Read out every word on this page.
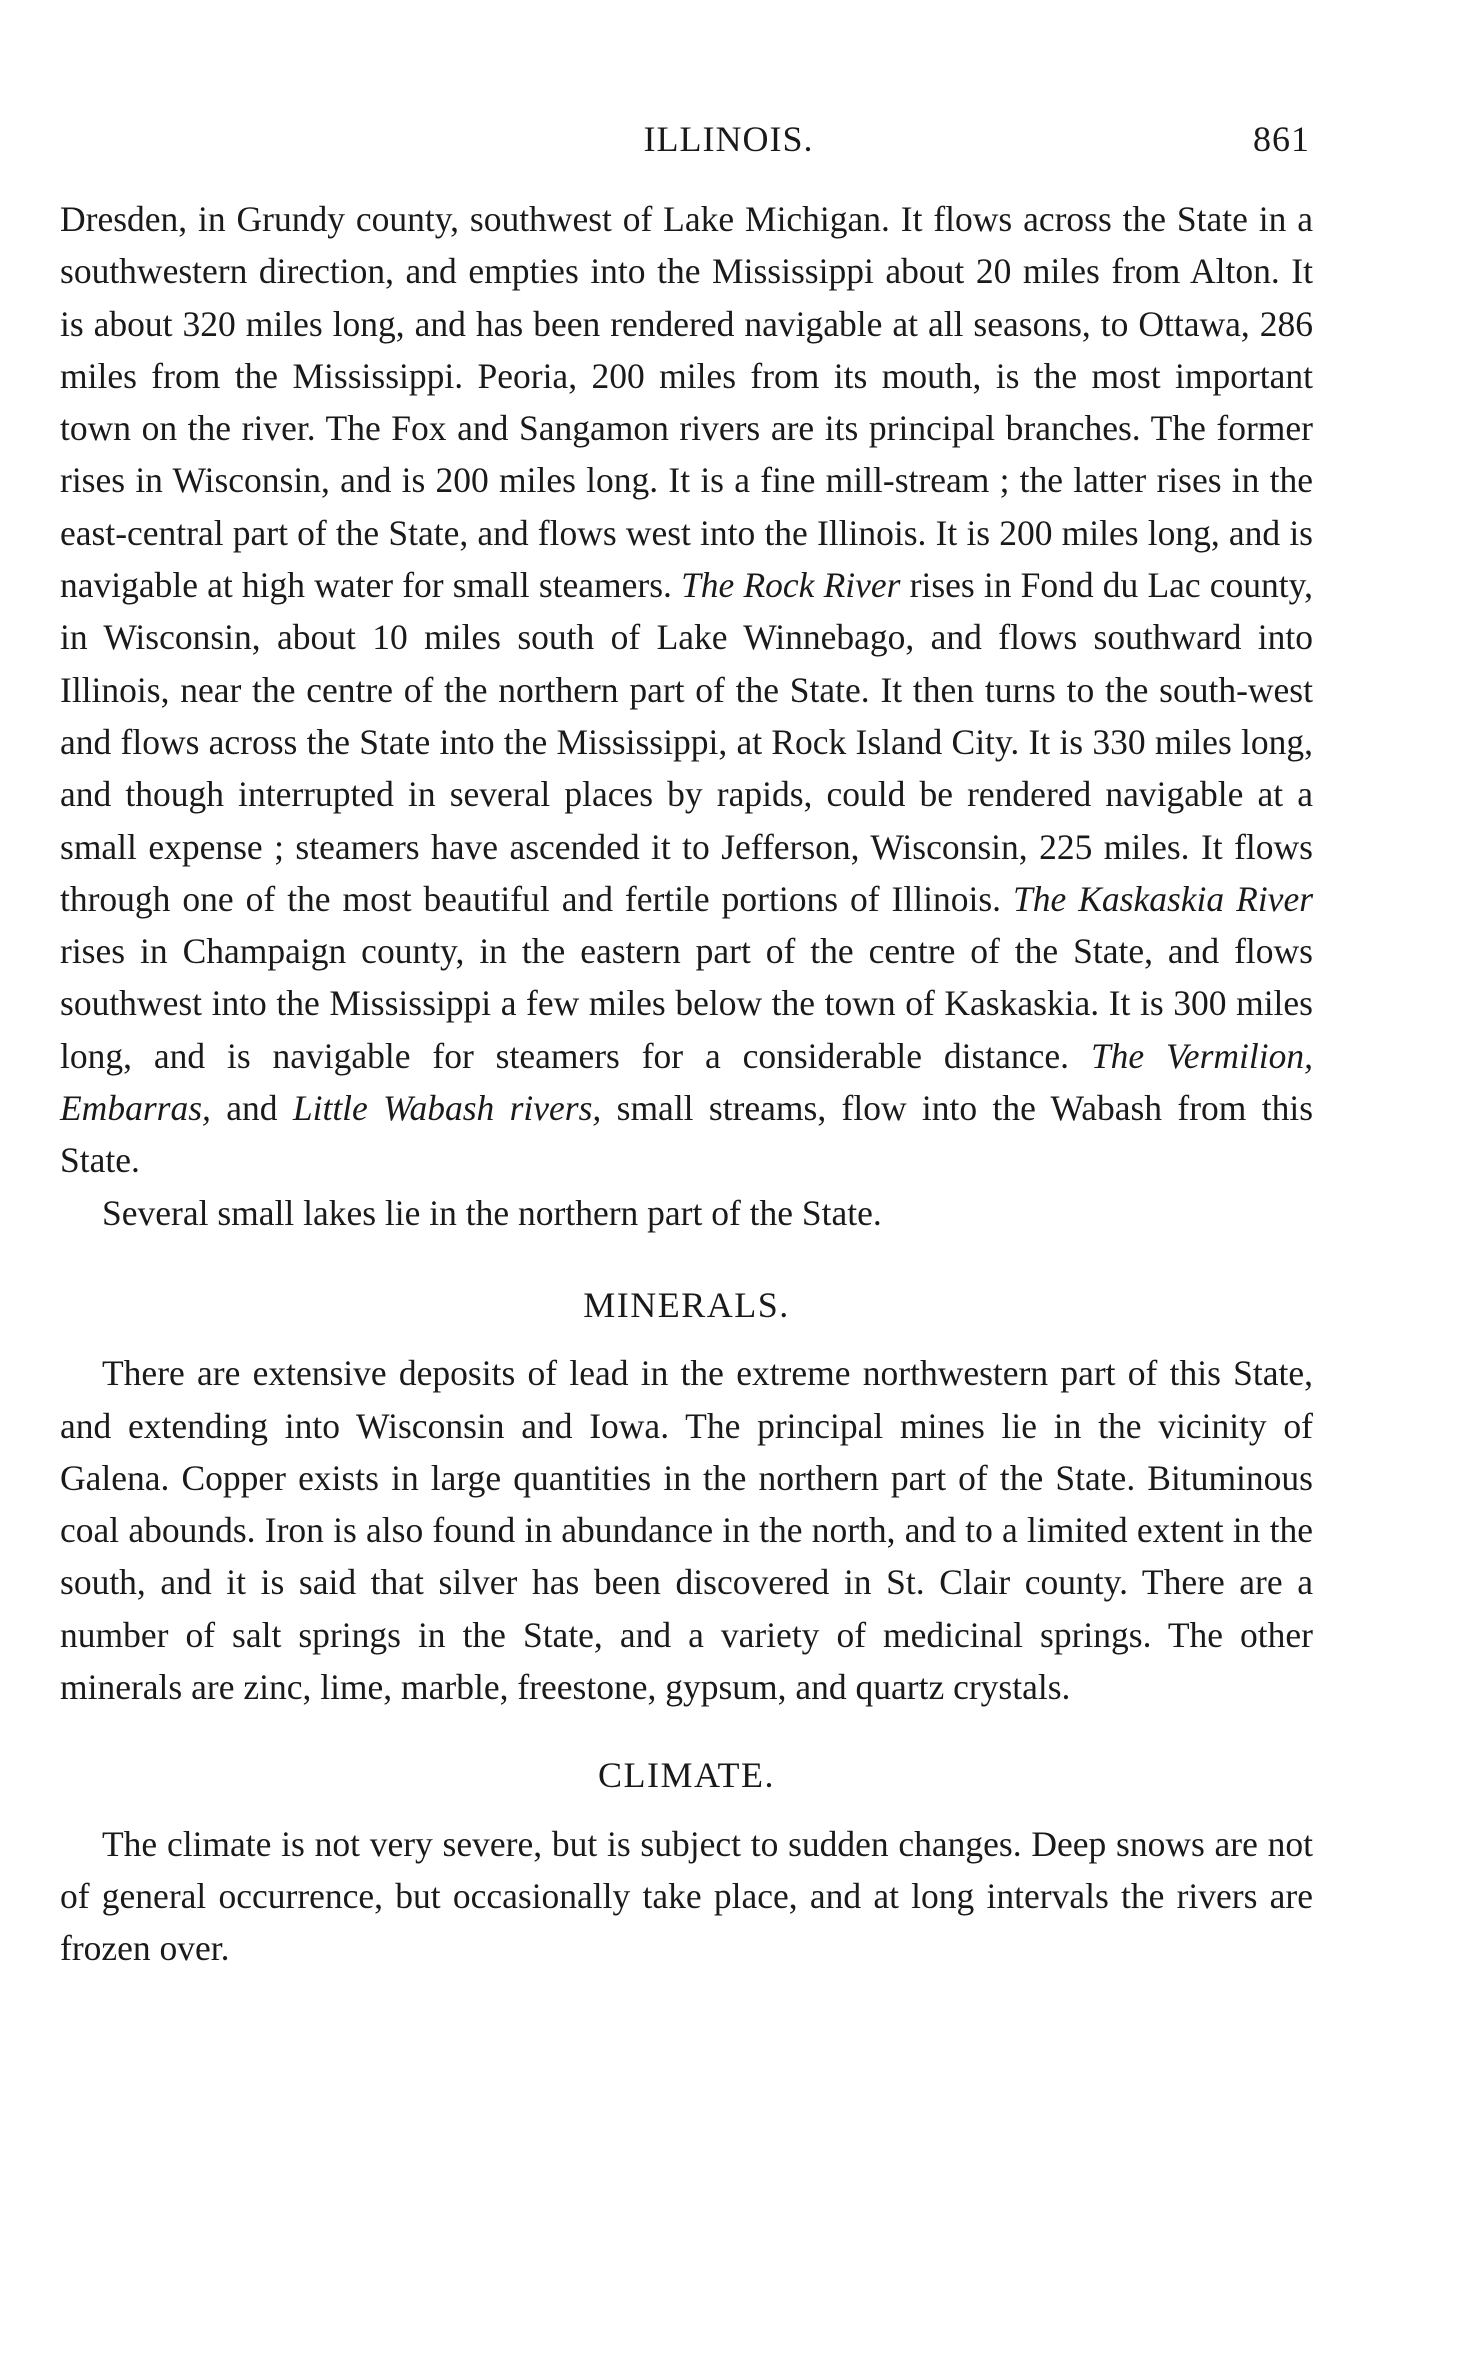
ILLINOIS.	861

Dresden, in Grundy county, southwest of Lake Michigan. It flows across the State in a southwestern direction, and empties into the Mississippi about 20 miles from Alton. It is about 320 miles long, and has been rendered navigable at all seasons, to Ottawa, 286 miles from the Mississippi. Peoria, 200 miles from its mouth, is the most important town on the river. The Fox and Sangamon rivers are its principal branches. The former rises in Wisconsin, and is 200 miles long. It is a fine mill-stream ; the latter rises in the east-central part of the State, and flows west into the Illinois. It is 200 miles long, and is navigable at high water for small steamers. The Rock River rises in Fond du Lac county, in Wisconsin, about 10 miles south of Lake Winnebago, and flows southward into Illinois, near the centre of the northern part of the State. It then turns to the south-west and flows across the State into the Mississippi, at Rock Island City. It is 330 miles long, and though interrupted in several places by rapids, could be rendered navigable at a small expense ; steamers have ascended it to Jefferson, Wisconsin, 225 miles. It flows through one of the most beautiful and fertile portions of Illinois. The Kaskaskia River rises in Champaign county, in the eastern part of the centre of the State, and flows southwest into the Mississippi a few miles below the town of Kaskaskia. It is 300 miles long, and is navigable for steamers for a considerable distance. The Vermilion, Embarras, and Little Wabash rivers, small streams, flow into the Wabash from this State.

Several small lakes lie in the northern part of the State.

MINERALS.

There are extensive deposits of lead in the extreme northwestern part of this State, and extending into Wisconsin and Iowa. The principal mines lie in the vicinity of Galena. Copper exists in large quantities in the northern part of the State. Bituminous coal abounds. Iron is also found in abundance in the north, and to a limited extent in the south, and it is said that silver has been discovered in St. Clair county. There are a number of salt springs in the State, and a variety of medicinal springs. The other minerals are zinc, lime, marble, freestone, gypsum, and quartz crystals.

CLIMATE.

The climate is not very severe, but is subject to sudden changes. Deep snows are not of general occurrence, but occasionally take place, and at long intervals the rivers are frozen over.
